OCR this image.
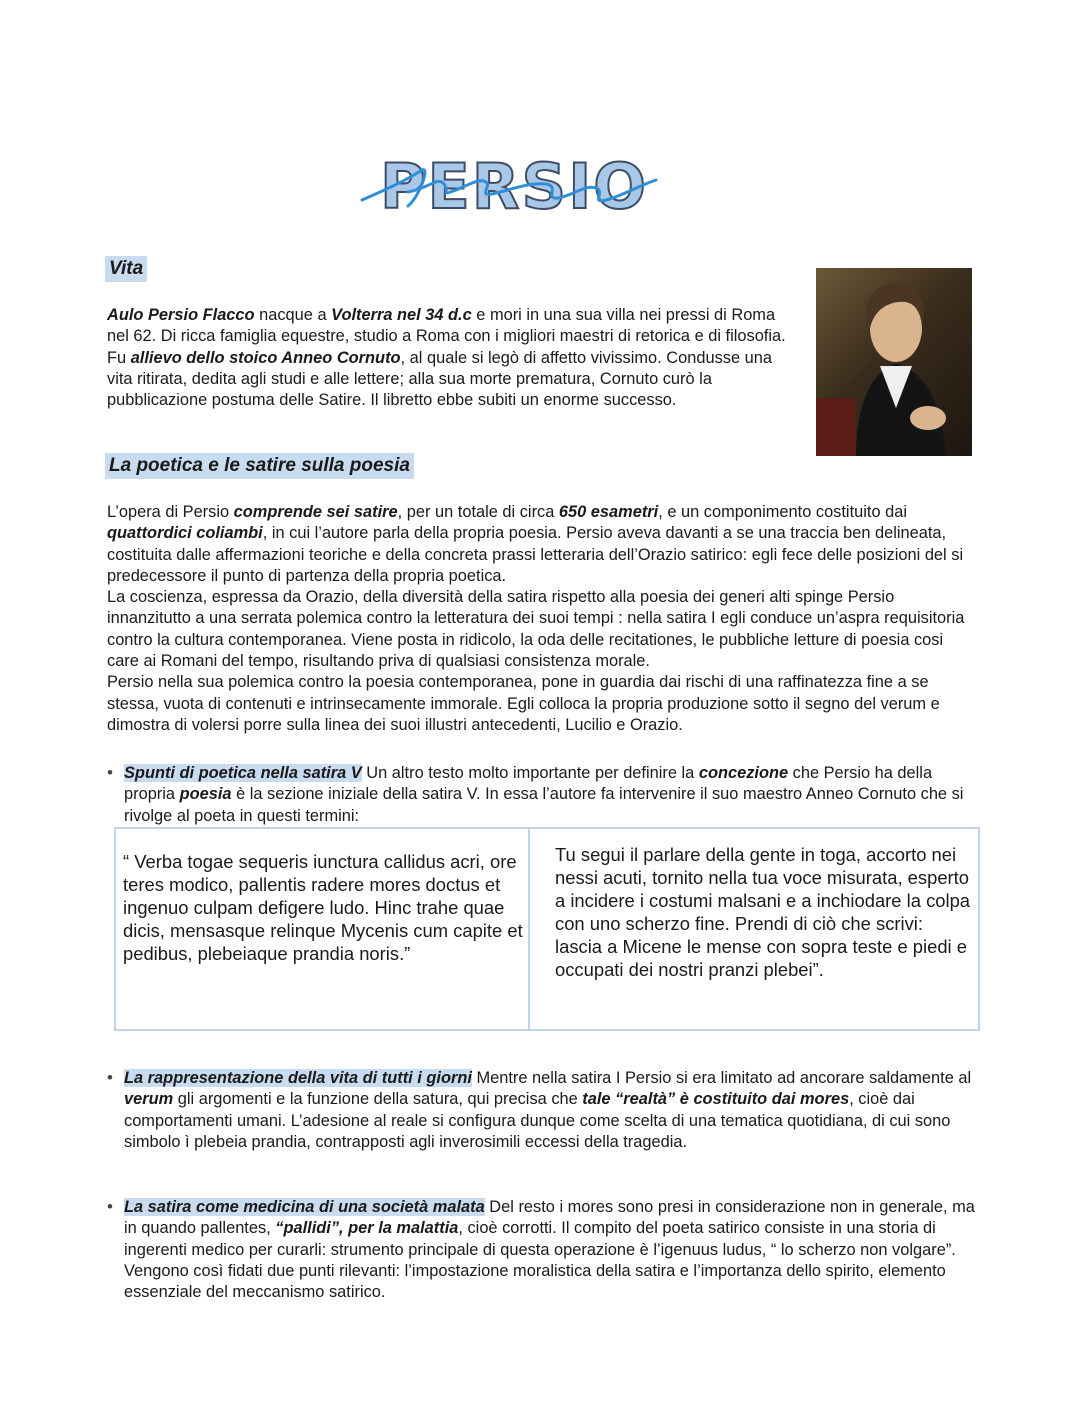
PERSIO
Vita

Aulo Persio Flacco nacque a Volterra nel 34 d.c e mori in una sua villa nei pressi di Roma nel 62. Di ricca famiglia equestre, studio a Roma con i migliori maestri di retorica e di filosofia. Fu allievo dello stoico Anneo Cornuto, al quale si legò di affetto vivissimo. Condusse una vita ritirata, dedita agli studi e alle lettere; alla sua morte prematura, Cornuto curò la pubblicazione postuma delle Satire. Il libretto ebbe subiti un enorme successo.

La poetica e le satire sulla poesia

L’opera di Persio comprende sei satire, per un totale di circa 650 esametri, e un componimento costituito dai quattordici coliambi, in cui l’autore parla della propria poesia. Persio aveva davanti a se una traccia ben delineata, costituita dalle affermazioni teoriche e della concreta prassi letteraria dell’Orazio satirico: egli fece delle posizioni del si predecessore il punto di partenza della propria poetica.
La coscienza, espressa da Orazio, della diversità della satira rispetto alla poesia dei generi alti spinge Persio innanzitutto a una serrata polemica contro la letteratura dei suoi tempi : nella satira I egli conduce un’aspra requisitoria contro la cultura contemporanea. Viene posta in ridicolo, la oda delle recitationes, le pubbliche letture di poesia cosi care ai Romani del tempo, risultando priva di qualsiasi consistenza morale.
Persio nella sua polemica contro la poesia contemporanea, pone in guardia dai rischi di una raffinatezza fine a se stessa, vuota di contenuti e intrinsecamente immorale. Egli colloca la propria produzione sotto il segno del verum e dimostra di volersi porre sulla linea dei suoi illustri antecedenti, Lucilio e Orazio.

• Spunti di poetica nella satira V Un altro testo molto importante per definire la concezione che Persio ha della propria poesia è la sezione iniziale della satira V. In essa l’autore fa intervenire il suo maestro Anneo Cornuto che si rivolge al poeta in questi termini:

“ Verba togae sequeris iunctura callidus acri, ore teres modico, pallentis radere mores doctus et ingenuo culpam defigere ludo. Hinc trahe quae dicis, mensasque relinque Mycenis cum capite et pedibus, plebeiaque prandia noris.”

Tu segui il parlare della gente in toga, accorto nei nessi acuti, tornito nella tua voce misurata, esperto a incidere i costumi malsani e a inchiodare la colpa con uno scherzo fine. Prendi di ciò che scrivi: lascia a Micene le mense con sopra teste e piedi e occupati dei nostri pranzi plebei”.

• La rappresentazione della vita di tutti i giorni Mentre nella satira I Persio si era limitato ad ancorare saldamente al verum gli argomenti e la funzione della satura, qui precisa che tale “realtà” è costituito dai mores, cioè dai comportamenti umani. L’adesione al reale si configura dunque come scelta di una tematica quotidiana, di cui sono simbolo ì plebeia prandia, contrapposti agli inverosimili eccessi della tragedia.

• La satira come medicina di una società malata Del resto i mores sono presi in considerazione non in generale, ma in quando pallentes, “pallidi”, per la malattia, cioè corrotti. Il compito del poeta satirico consiste in una storia di ingerenti medico per curarli: strumento principale di questa operazione è l’igenuus ludus, “ lo scherzo non volgare”. Vengono così fidati due punti rilevanti: l’impostazione moralistica della satira e l’importanza dello spirito, elemento essenziale del meccanismo satirico.
